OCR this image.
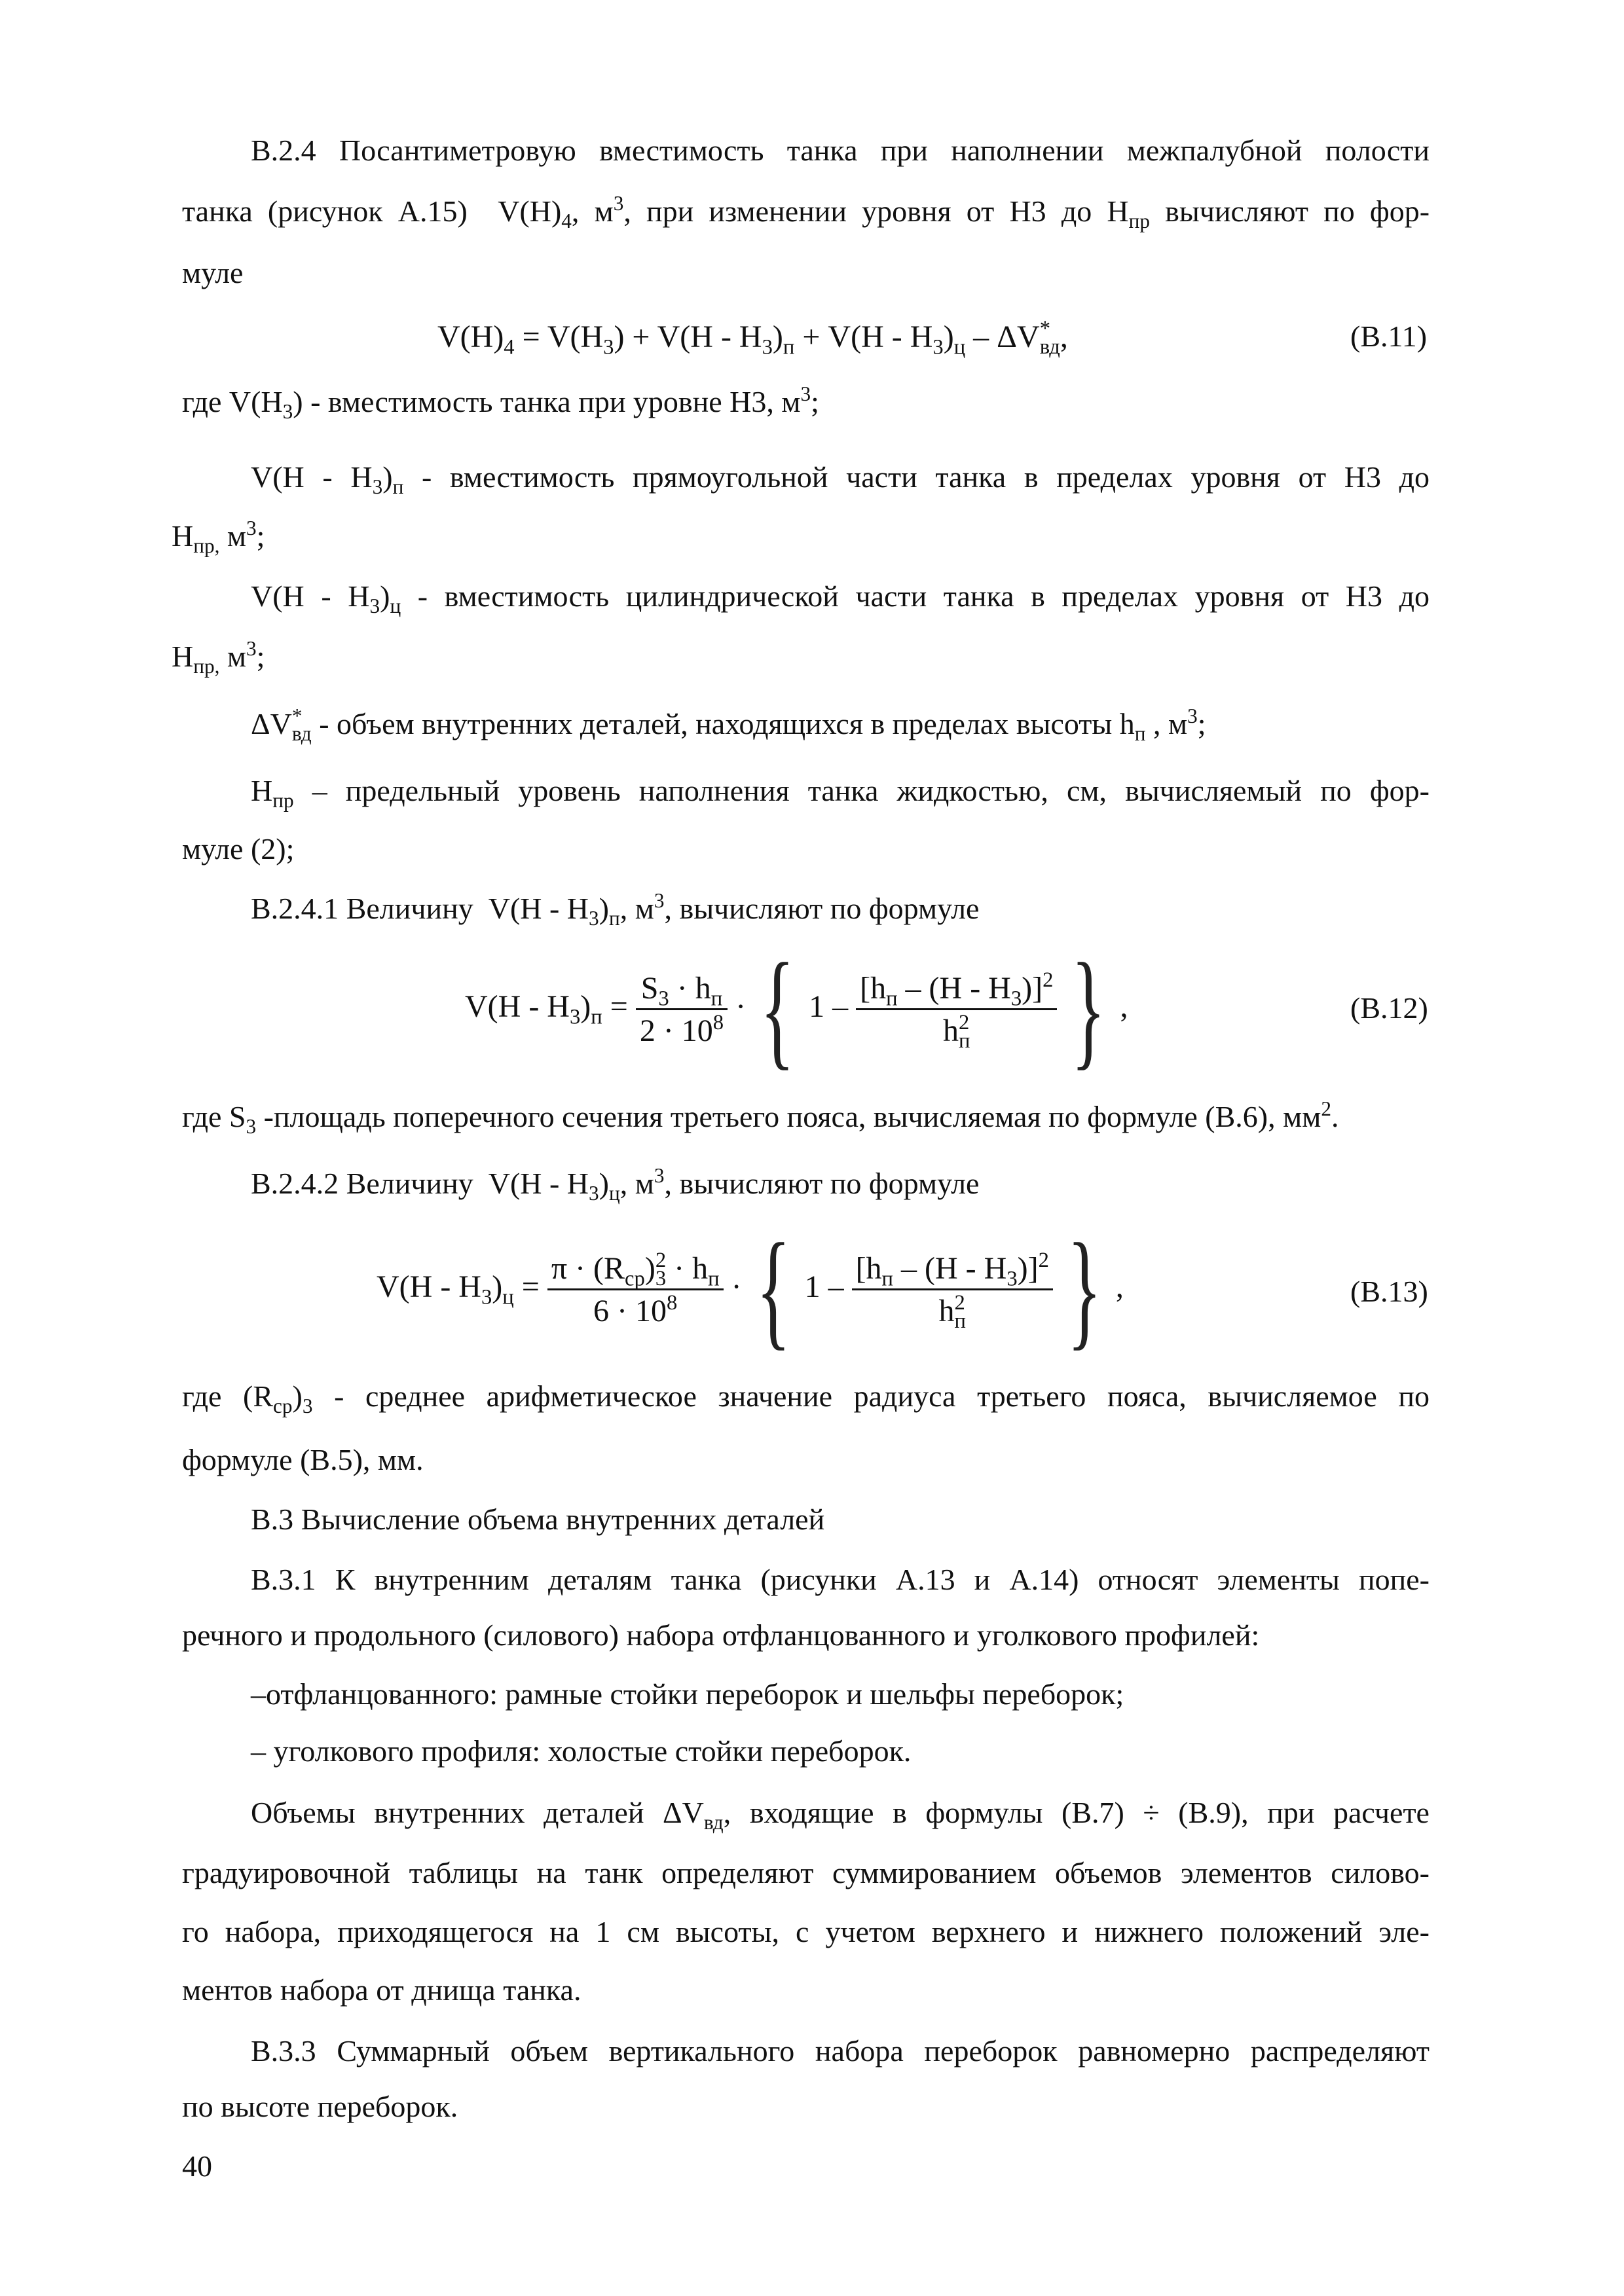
В.2.4 Посантиметровую вместимость танка при наполнении межпалубной полости
танка (рисунок А.15) $V(H)_4$, $м^3$, при изменении уровня от Н3 до $Н_{пр}$ вычисляют по фор-
муле
$V(H)_4 = V(H_3) + V(H - H_3)_п + V(H - H_3)_ц - \Delta V^*_{вд}$,	(В.11)
где $V(H_3)$ - вместимость танка при уровне Н3, $м^3$;
$V(H - H_3)_п$ - вместимость прямоугольной части танка в пределах уровня от Н3 до
$Н_{пр,}$ $м^3$;
$V(H - H_3)_ц$ - вместимость цилиндрической части танка в пределах уровня от Н3 до
$Н_{пр,}$ $м^3$;
$\Delta V^*_{вд}$ - объем внутренних деталей, находящихся в пределах высоты $h_п$ , $м^3$;
$Н_{пр}$ – предельный уровень наполнения танка жидкостью, см, вычисляемый по фор-
муле (2);
В.2.4.1 Величину $V(H - H_3)_п$, $м^3$, вычисляют по формуле
$V(H - H_3)_п = \frac{S_3 \cdot h_п}{2 \cdot 10^8}$ · { $1 - \frac{[h_п - (H - H_3)]^2}{h^2_п}$ } ,	(В.12)
где $S_3$ -площадь поперечного сечения третьего пояса, вычисляемая по формуле (В.6), $мм^2$.
В.2.4.2 Величину $V(H - H_3)_ц$, $м^3$, вычисляют по формуле
$V(H - H_3)_ц = \frac{\pi \cdot (R_{ср})^2_3 \cdot h_п}{6 \cdot 10^8}$ · { $1 - \frac{[h_п - (H - H_3)]^2}{h^2_п}$ } ,	(В.13)
где $(R_{ср})_3$ - среднее арифметическое значение радиуса третьего пояса, вычисляемое по
формуле (В.5), мм.
В.3 Вычисление объема внутренних деталей
В.3.1 К внутренним деталям танка (рисунки А.13 и А.14) относят элементы попе-
речного и продольного (силового) набора отфланцованного и уголкового профилей:
–отфланцованного: рамные стойки переборок и шельфы переборок;
– уголкового профиля: холостые стойки переборок.
Объемы внутренних деталей $\Delta V_{вд}$, входящие в формулы (В.7) ÷ (В.9), при расчете
градуировочной таблицы на танк определяют суммированием объемов элементов силово-
го набора, приходящегося на 1 см высоты, с учетом верхнего и нижнего положений эле-
ментов набора от днища танка.
В.3.3 Суммарный объем вертикального набора переборок равномерно распределяют
по высоте переборок.
40
